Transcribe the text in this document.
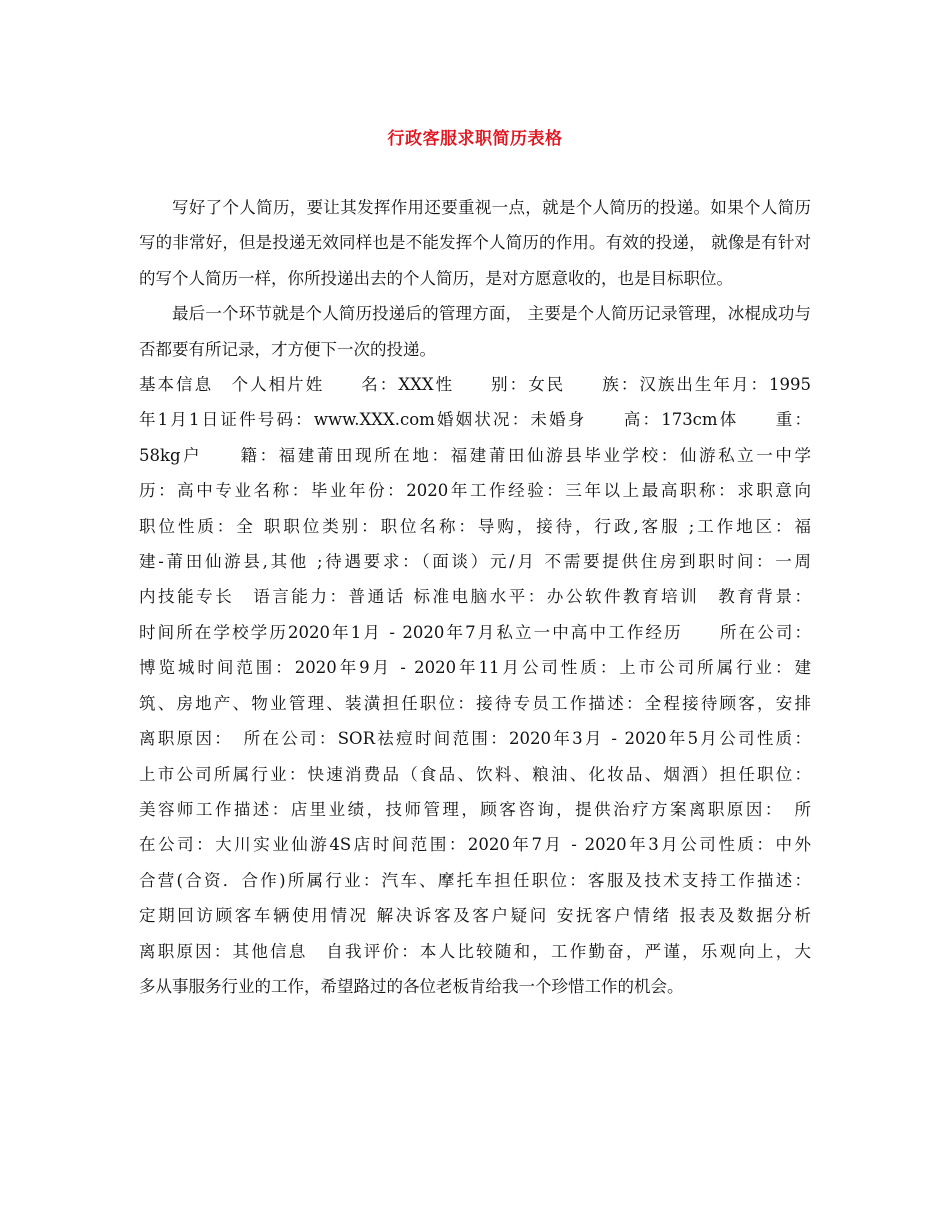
行政客服求职简历表格

写好了个人简历，要让其发挥作用还要重视一点，就是个人简历的投递。如果个人简历写的非常好，但是投递无效同样也是不能发挥个人简历的作用。有效的投递， 就像是有针对的写个人简历一样，你所投递出去的个人简历，是对方愿意收的，也是目标职位。

最后一个环节就是个人简历投递后的管理方面， 主要是个人简历记录管理，冰棍成功与否都要有所记录，才方便下一次的投递。

基本信息　个人相片姓　　名：XXX性　　别：女民　　族：汉族出生年月：1995
年1月1日证件号码：www.XXX.com婚姻状况：未婚身　　高：173cm体　　重：
58kg户　　籍：福建莆田现所在地：福建莆田仙游县毕业学校：仙游私立一中学
历：高中专业名称：毕业年份：2020年工作经验：三年以上最高职称：求职意向
职位性质：全 职职位类别：职位名称：导购，接待，行政,客服 ;工作地区：福
建-莆田仙游县,其他 ;待遇要求：（面谈）元/月 不需要提供住房到职时间：一周
内技能专长　语言能力：普通话 标准电脑水平：办公软件教育培训　教育背景：
时间所在学校学历2020年1月 - 2020年7月私立一中高中工作经历　　所在公司：
博览城时间范围：2020年9月 - 2020年11月公司性质：上市公司所属行业：建
筑、房地产、物业管理、装潢担任职位：接待专员工作描述：全程接待顾客，安排
离职原因：　所在公司：SOR祛痘时间范围：2020年3月 - 2020年5月公司性质：
上市公司所属行业：快速消费品（食品、饮料、粮油、化妆品、烟酒）担任职位：
美容师工作描述：店里业绩，技师管理，顾客咨询，提供治疗方案离职原因：　所
在公司：大川实业仙游4S店时间范围：2020年7月 - 2020年3月公司性质：中外
合营(合资．合作)所属行业：汽车、摩托车担任职位：客服及技术支持工作描述：
定期回访顾客车辆使用情况 解决诉客及客户疑问 安抚客户情绪 报表及数据分析
离职原因：其他信息　自我评价：本人比较随和，工作勤奋，严谨，乐观向上，大
多从事服务行业的工作，希望路过的各位老板肯给我一个珍惜工作的机会。
